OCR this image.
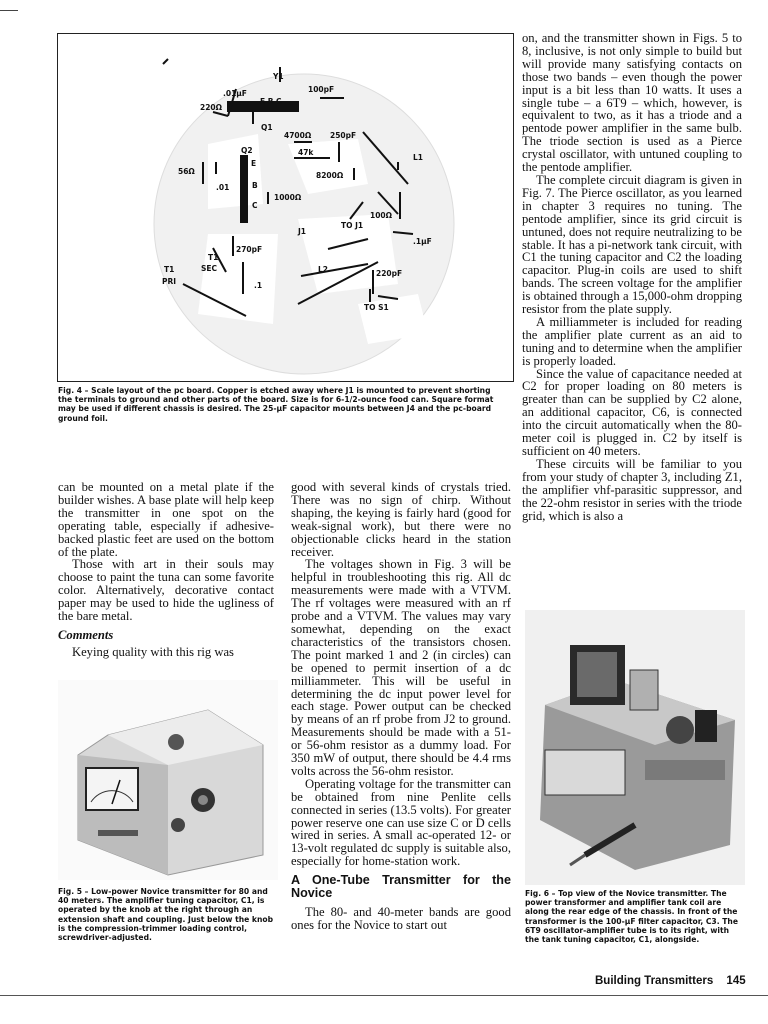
Y1
.01µF	100pF
220Ω
E B C
Q1
4700Ω	250pF
47k
L1
Q2
56Ω
E
8200Ω
.01	B
1000Ω
C
100Ω
TO J1
J1
.1µF
270pF
T1
SEC
T1
PRI
L2	220pF
.1
TO S1
Fig. 4 – Scale layout of the pc board. Copper is etched away where J1 is mounted to prevent shorting the terminals to ground and other parts of the board. Size is for 6-1/2-ounce food can. Square format may be used if different chassis is desired. The 25-µF capacitor mounts between J4 and the pc-board ground foil.

on, and the transmitter shown in Figs. 5 to 8, inclusive, is not only simple to build but will provide many satisfying contacts on those two bands – even though the power input is a bit less than 10 watts. It uses a single tube – a 6T9 – which, however, is equivalent to two, as it has a triode and a pentode power amplifier in the same bulb. The triode section is used as a Pierce crystal oscillator, with untuned coupling to the pentode amplifier.

The complete circuit diagram is given in Fig. 7. The Pierce oscillator, as you learned in chapter 3 requires no tuning. The pentode amplifier, since its grid circuit is untuned, does not require neutralizing to be stable. It has a pi-network tank circuit, with C1 the tuning capacitor and C2 the loading capacitor. Plug-in coils are used to shift bands. The screen voltage for the amplifier is obtained through a 15,000-ohm dropping resistor from the plate supply.

A milliammeter is included for reading the amplifier plate current as an aid to tuning and to determine when the amplifier is properly loaded.

Since the value of capacitance needed at C2 for proper loading on 80 meters is greater than can be supplied by C2 alone, an additional capacitor, C6, is connected into the circuit automatically when the 80-meter coil is plugged in. C2 by itself is sufficient on 40 meters.

These circuits will be familiar to you from your study of chapter 3, including Z1, the amplifier vhf-parasitic suppressor, and the 22-ohm resistor in series with the triode grid, which is also a

can be mounted on a metal plate if the builder wishes. A base plate will help keep the transmitter in one spot on the operating table, especially if adhesive-backed plastic feet are used on the bottom of the plate.

Those with art in their souls may choose to paint the tuna can some favorite color. Alternatively, decorative contact paper may be used to hide the ugliness of the bare metal.

Comments

Keying quality with this rig was

good with several kinds of crystals tried. There was no sign of chirp. Without shaping, the keying is fairly hard (good for weak-signal work), but there were no objectionable clicks heard in the station receiver.

The voltages shown in Fig. 3 will be helpful in troubleshooting this rig. All dc measurements were made with a VTVM. The rf voltages were measured with an rf probe and a VTVM. The values may vary somewhat, depending on the exact characteristics of the transistors chosen. The point marked 1 and 2 (in circles) can be opened to permit insertion of a dc milliammeter. This will be useful in determining the dc input power level for each stage. Power output can be checked by means of an rf probe from J2 to ground. Measurements should be made with a 51- or 56-ohm resistor as a dummy load. For 350 mW of output, there should be 4.4 rms volts across the 56-ohm resistor.

Operating voltage for the transmitter can be obtained from nine Penlite cells connected in series (13.5 volts). For greater power reserve one can use size C or D cells wired in series. A small ac-operated 12- or 13-volt regulated dc supply is suitable also, especially for home-station work.

A One-Tube Transmitter for the Novice

The 80- and 40-meter bands are good ones for the Novice to start out

Fig. 5 – Low-power Novice transmitter for 80 and 40 meters. The amplifier tuning capacitor, C1, is operated by the knob at the right through an extension shaft and coupling. Just below the knob is the compression-trimmer loading control, screwdriver-adjusted.
Fig. 6 – Top view of the Novice transmitter. The power transformer and amplifier tank coil are along the rear edge of the chassis. In front of the transformer is the 100-µF filter capacitor, C3. The 6T9 oscillator-amplifier tube is to its right, with the tank tuning capacitor, C1, alongside.
Building Transmitters 145
